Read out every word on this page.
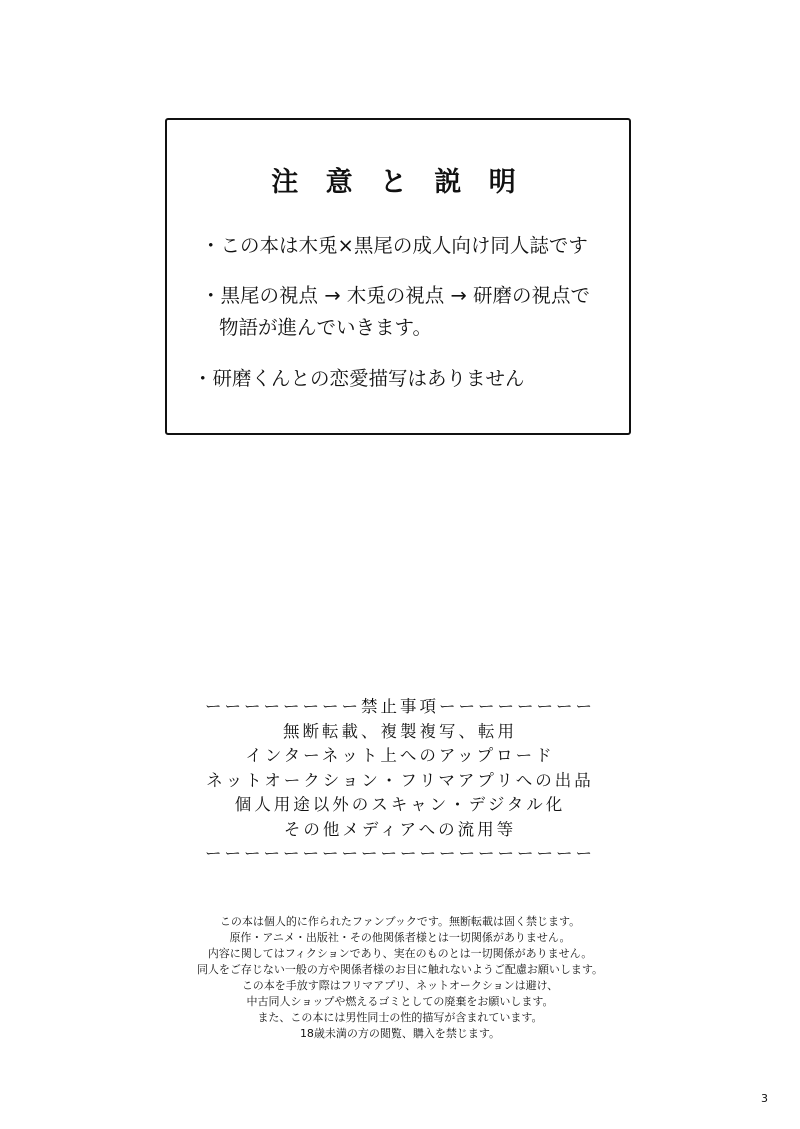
注 意 と 説 明
・この本は木兎×黒尾の成人向け同人誌です
・黒尾の視点 → 木兎の視点 → 研磨の視点で
物語が進んでいきます。
・研磨くんとの恋愛描写はありません
ーーーーーーーー禁止事項ーーーーーーーー
無断転載、複製複写、転用
インターネット上へのアップロード
ネットオークション・フリマアプリへの出品
個人用途以外のスキャン・デジタル化
その他メディアへの流用等
ーーーーーーーーーーーーーーーーーーーー
この本は個人的に作られたファンブックです。無断転載は固く禁じます。
原作・アニメ・出版社・その他関係者様とは一切関係がありません。
内容に関してはフィクションであり、実在のものとは一切関係がありません。
同人をご存じない一般の方や関係者様のお目に触れないようご配慮お願いします。
この本を手放す際はフリマアプリ、ネットオークションは避け、
中古同人ショップや燃えるゴミとしての廃棄をお願いします。
また、この本には男性同士の性的描写が含まれています。
18歳未満の方の閲覧、購入を禁じます。
3
